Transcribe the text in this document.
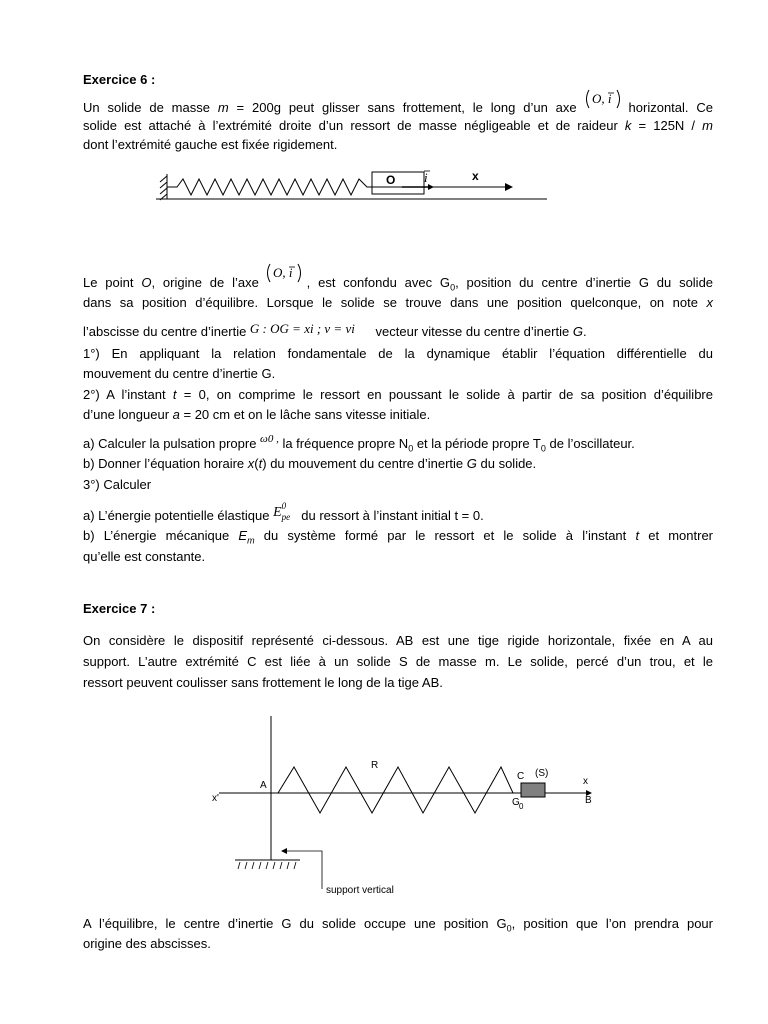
Exercice 6 :

Un solide de masse m = 200g peut glisser sans frottement, le long d’un axe	horizontal. Ce

O, i

solide est attaché à l’extrémité droite d’un ressort de masse négligeable et de raideur k = 125N / m

dont l’extrémité gauche est fixée rigidement.

O i	x

Le point O, origine de l’axe	, est confondu avec $G_0$, position du centre d’inertie G du solide

O, i

dans sa position d’équilibre. Lorsque le solide se trouve dans une position quelconque, on note x

l’abscisse du centre d’inertie G : OG = xi ; v = vi vecteur vitesse du centre d’inertie G.

1°) En appliquant la relation fondamentale de la dynamique établir l’équation différentielle du

mouvement du centre d’inertie G.

2°) A l’instant t = 0, on comprime le ressort en poussant le solide à partir de sa position d’équilibre

d’une longueur a = 20 cm et on le lâche sans vitesse initiale.

a) Calculer la pulsation propre $^{\omega 0 ,}$ la fréquence propre $N_0$ et la période propre $T_0$ de l’oscillateur.

b) Donner l’équation horaire x(t) du mouvement du centre d’inertie G du solide.

3°) Calculer

a) L’énergie potentielle élastique E 0
pe du ressort à l’instant initial t = 0.

b) L’énergie mécanique $E_m$ du système formé par le ressort et le solide à l’instant t et montrer

qu’elle est constante.

Exercice 7 :

On considère le dispositif représenté ci-dessous. AB est une tige rigide horizontale, fixée en A au

support. L’autre extrémité C est liée à un solide S de masse m. Le solide, percé d’un trou, et le

ressort peuvent coulisser sans frottement le long de la tige AB.

A
R
C (S)
x
B
x'	G 0
support vertical

A l’équilibre, le centre d’inertie G du solide occupe une position $G_0$, position que l’on prendra pour

origine des abscisses.
